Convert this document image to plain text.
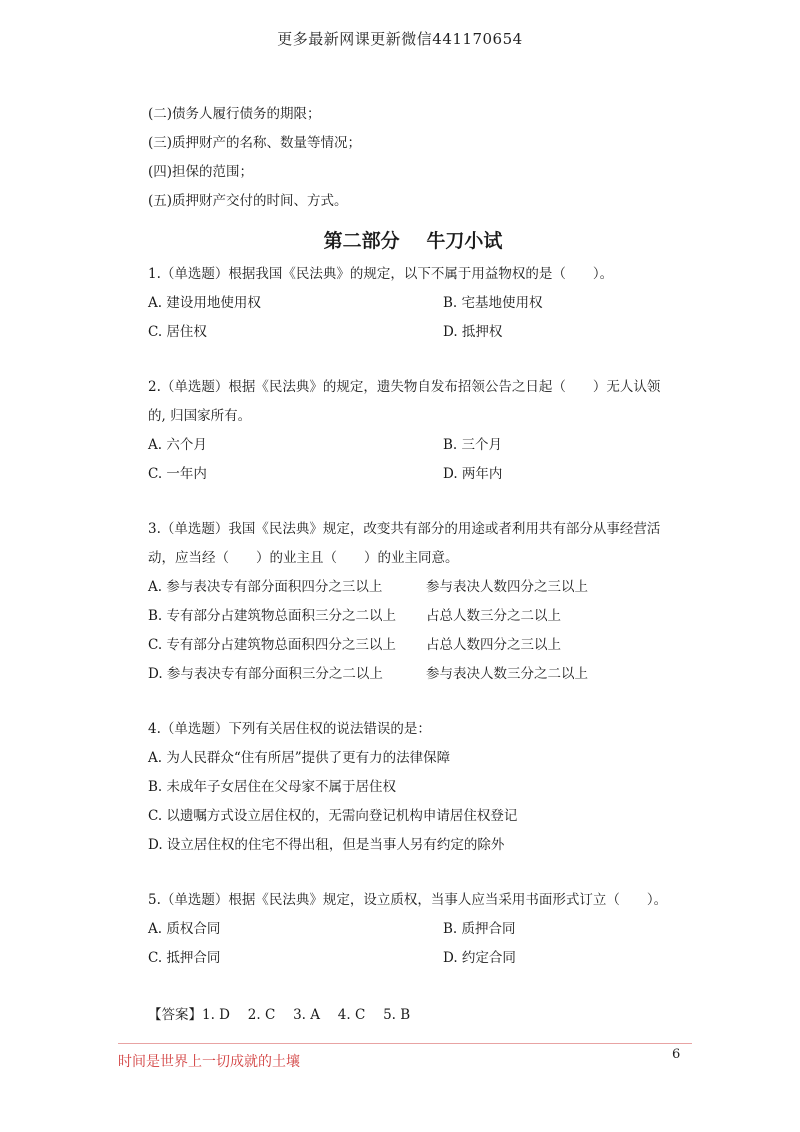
更多最新网课更新微信441170654
(二)债务人履行债务的期限；
(三)质押财产的名称、数量等情况；
(四)担保的范围；
(五)质押财产交付的时间、方式。
第二部分 牛刀小试
1.（单选题）根据我国《民法典》的规定，以下不属于用益物权的是（　　）。
A. 建设用地使用权	B. 宅基地使用权
C. 居住权	D. 抵押权
2.（单选题）根据《民法典》的规定，遗失物自发布招领公告之日起（　　）无人认领
的, 归国家所有。
A. 六个月	B. 三个月
C. 一年内	D. 两年内
3.（单选题）我国《民法典》规定，改变共有部分的用途或者利用共有部分从事经营活
动，应当经（　　）的业主且（　　）的业主同意。
A. 参与表决专有部分面积四分之三以上	参与表决人数四分之三以上
B. 专有部分占建筑物总面积三分之二以上	占总人数三分之二以上
C. 专有部分占建筑物总面积四分之三以上	占总人数四分之三以上
D. 参与表决专有部分面积三分之二以上	参与表决人数三分之二以上
4.（单选题）下列有关居住权的说法错误的是：
A. 为人民群众“住有所居”提供了更有力的法律保障
B. 未成年子女居住在父母家不属于居住权
C. 以遗嘱方式设立居住权的，无需向登记机构申请居住权登记
D. 设立居住权的住宅不得出租，但是当事人另有约定的除外
5.（单选题）根据《民法典》规定，设立质权，当事人应当采用书面形式订立（　　）。
A. 质权合同	B. 质押合同
C. 抵押合同	D. 约定合同
【答案】1. D　 2. C　 3. A　 4. C　 5. B
时间是世界上一切成就的土壤	6
